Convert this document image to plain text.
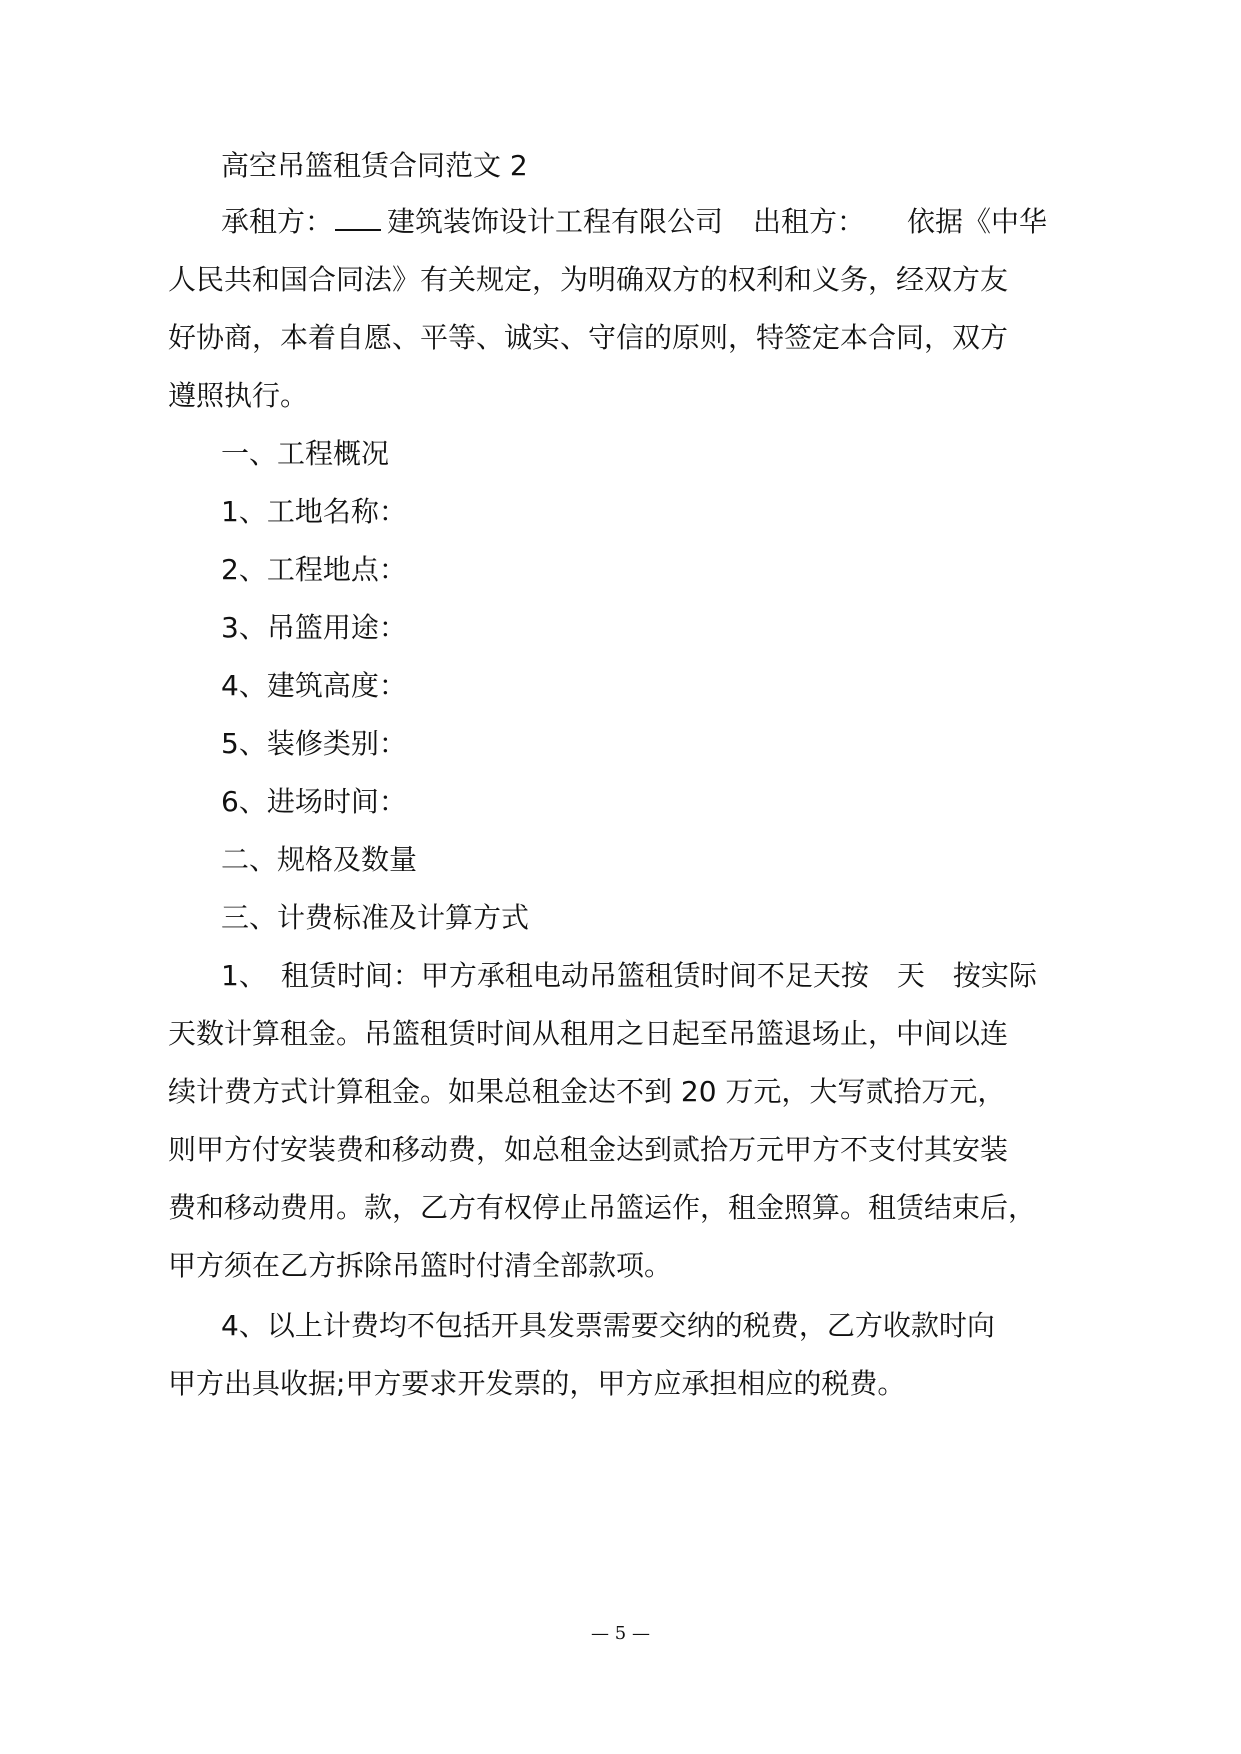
高空吊篮租赁合同范文 2
承租方： 建筑装饰设计工程有限公司 出租方： 依据《中华
人民共和国合同法》有关规定，为明确双方的权利和义务，经双方友
好协商，本着自愿、平等、诚实、守信的原则，特签定本合同，双方
遵照执行。
一、工程概况
1、工地名称：
2、工程地点：
3、吊篮用途：
4、建筑高度：
5、装修类别：
6、进场时间：
二、规格及数量
三、计费标准及计算方式
1、　租赁时间：甲方承租电动吊篮租赁时间不足天按　天　按实际
天数计算租金。吊篮租赁时间从租用之日起至吊篮退场止，中间以连
续计费方式计算租金。如果总租金达不到 20 万元，大写贰拾万元，
则甲方付安装费和移动费，如总租金达到贰拾万元甲方不支付其安装
费和移动费用。款，乙方有权停止吊篮运作，租金照算。租赁结束后，
甲方须在乙方拆除吊篮时付清全部款项。
4、以上计费均不包括开具发票需要交纳的税费，乙方收款时向
甲方出具收据;甲方要求开发票的，甲方应承担相应的税费。
— 5 —
